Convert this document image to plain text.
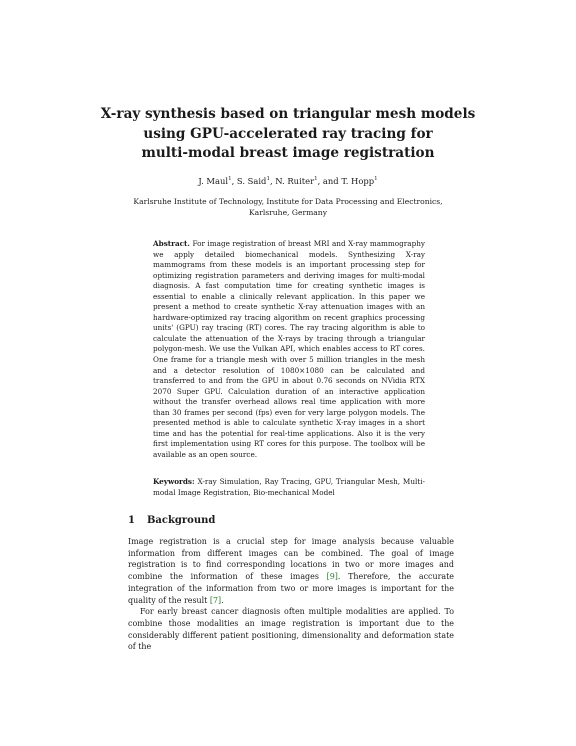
X-ray synthesis based on triangular mesh models
using GPU-accelerated ray tracing for
multi-modal breast image registration
J. Maul$^1$, S. Said$^1$, N. Ruiter$^1$, and T. Hopp$^1$
Karlsruhe Institute of Technology, Institute for Data Processing and Electronics,
Karlsruhe, Germany
Abstract. For image registration of breast MRI and X-ray mammography we apply detailed biomechanical models. Synthesizing X-ray mammograms from these models is an important processing step for optimizing registration parameters and deriving images for multi-modal diagnosis. A fast computation time for creating synthetic images is essential to enable a clinically relevant application. In this paper we present a method to create synthetic X-ray attenuation images with an hardware-optimized ray tracing algorithm on recent graphics processing units' (GPU) ray tracing (RT) cores. The ray tracing algorithm is able to calculate the attenuation of the X-rays by tracing through a triangular polygon-mesh. We use the Vulkan API, which enables access to RT cores. One frame for a triangle mesh with over 5 million triangles in the mesh and a detector resolution of 1080×1080 can be calculated and transferred to and from the GPU in about 0.76 seconds on NVidia RTX 2070 Super GPU. Calculation duration of an interactive application without the transfer overhead allows real time application with more than 30 frames per second (fps) even for very large polygon models. The presented method is able to calculate synthetic X-ray images in a short time and has the potential for real-time applications. Also it is the very first implementation using RT cores for this purpose. The toolbox will be available as an open source.
Keywords: X-ray Simulation, Ray Tracing, GPU, Triangular Mesh, Multi-modal Image Registration, Bio-mechanical Model
1 Background

Image registration is a crucial step for image analysis because valuable information from different images can be combined. The goal of image registration is to find corresponding locations in two or more images and combine the information of these images [9]. Therefore, the accurate integration of the information from two or more images is important for the quality of the result [7].

For early breast cancer diagnosis often multiple modalities are applied. To combine those modalities an image registration is important due to the considerably different patient positioning, dimensionality and deformation state of the
